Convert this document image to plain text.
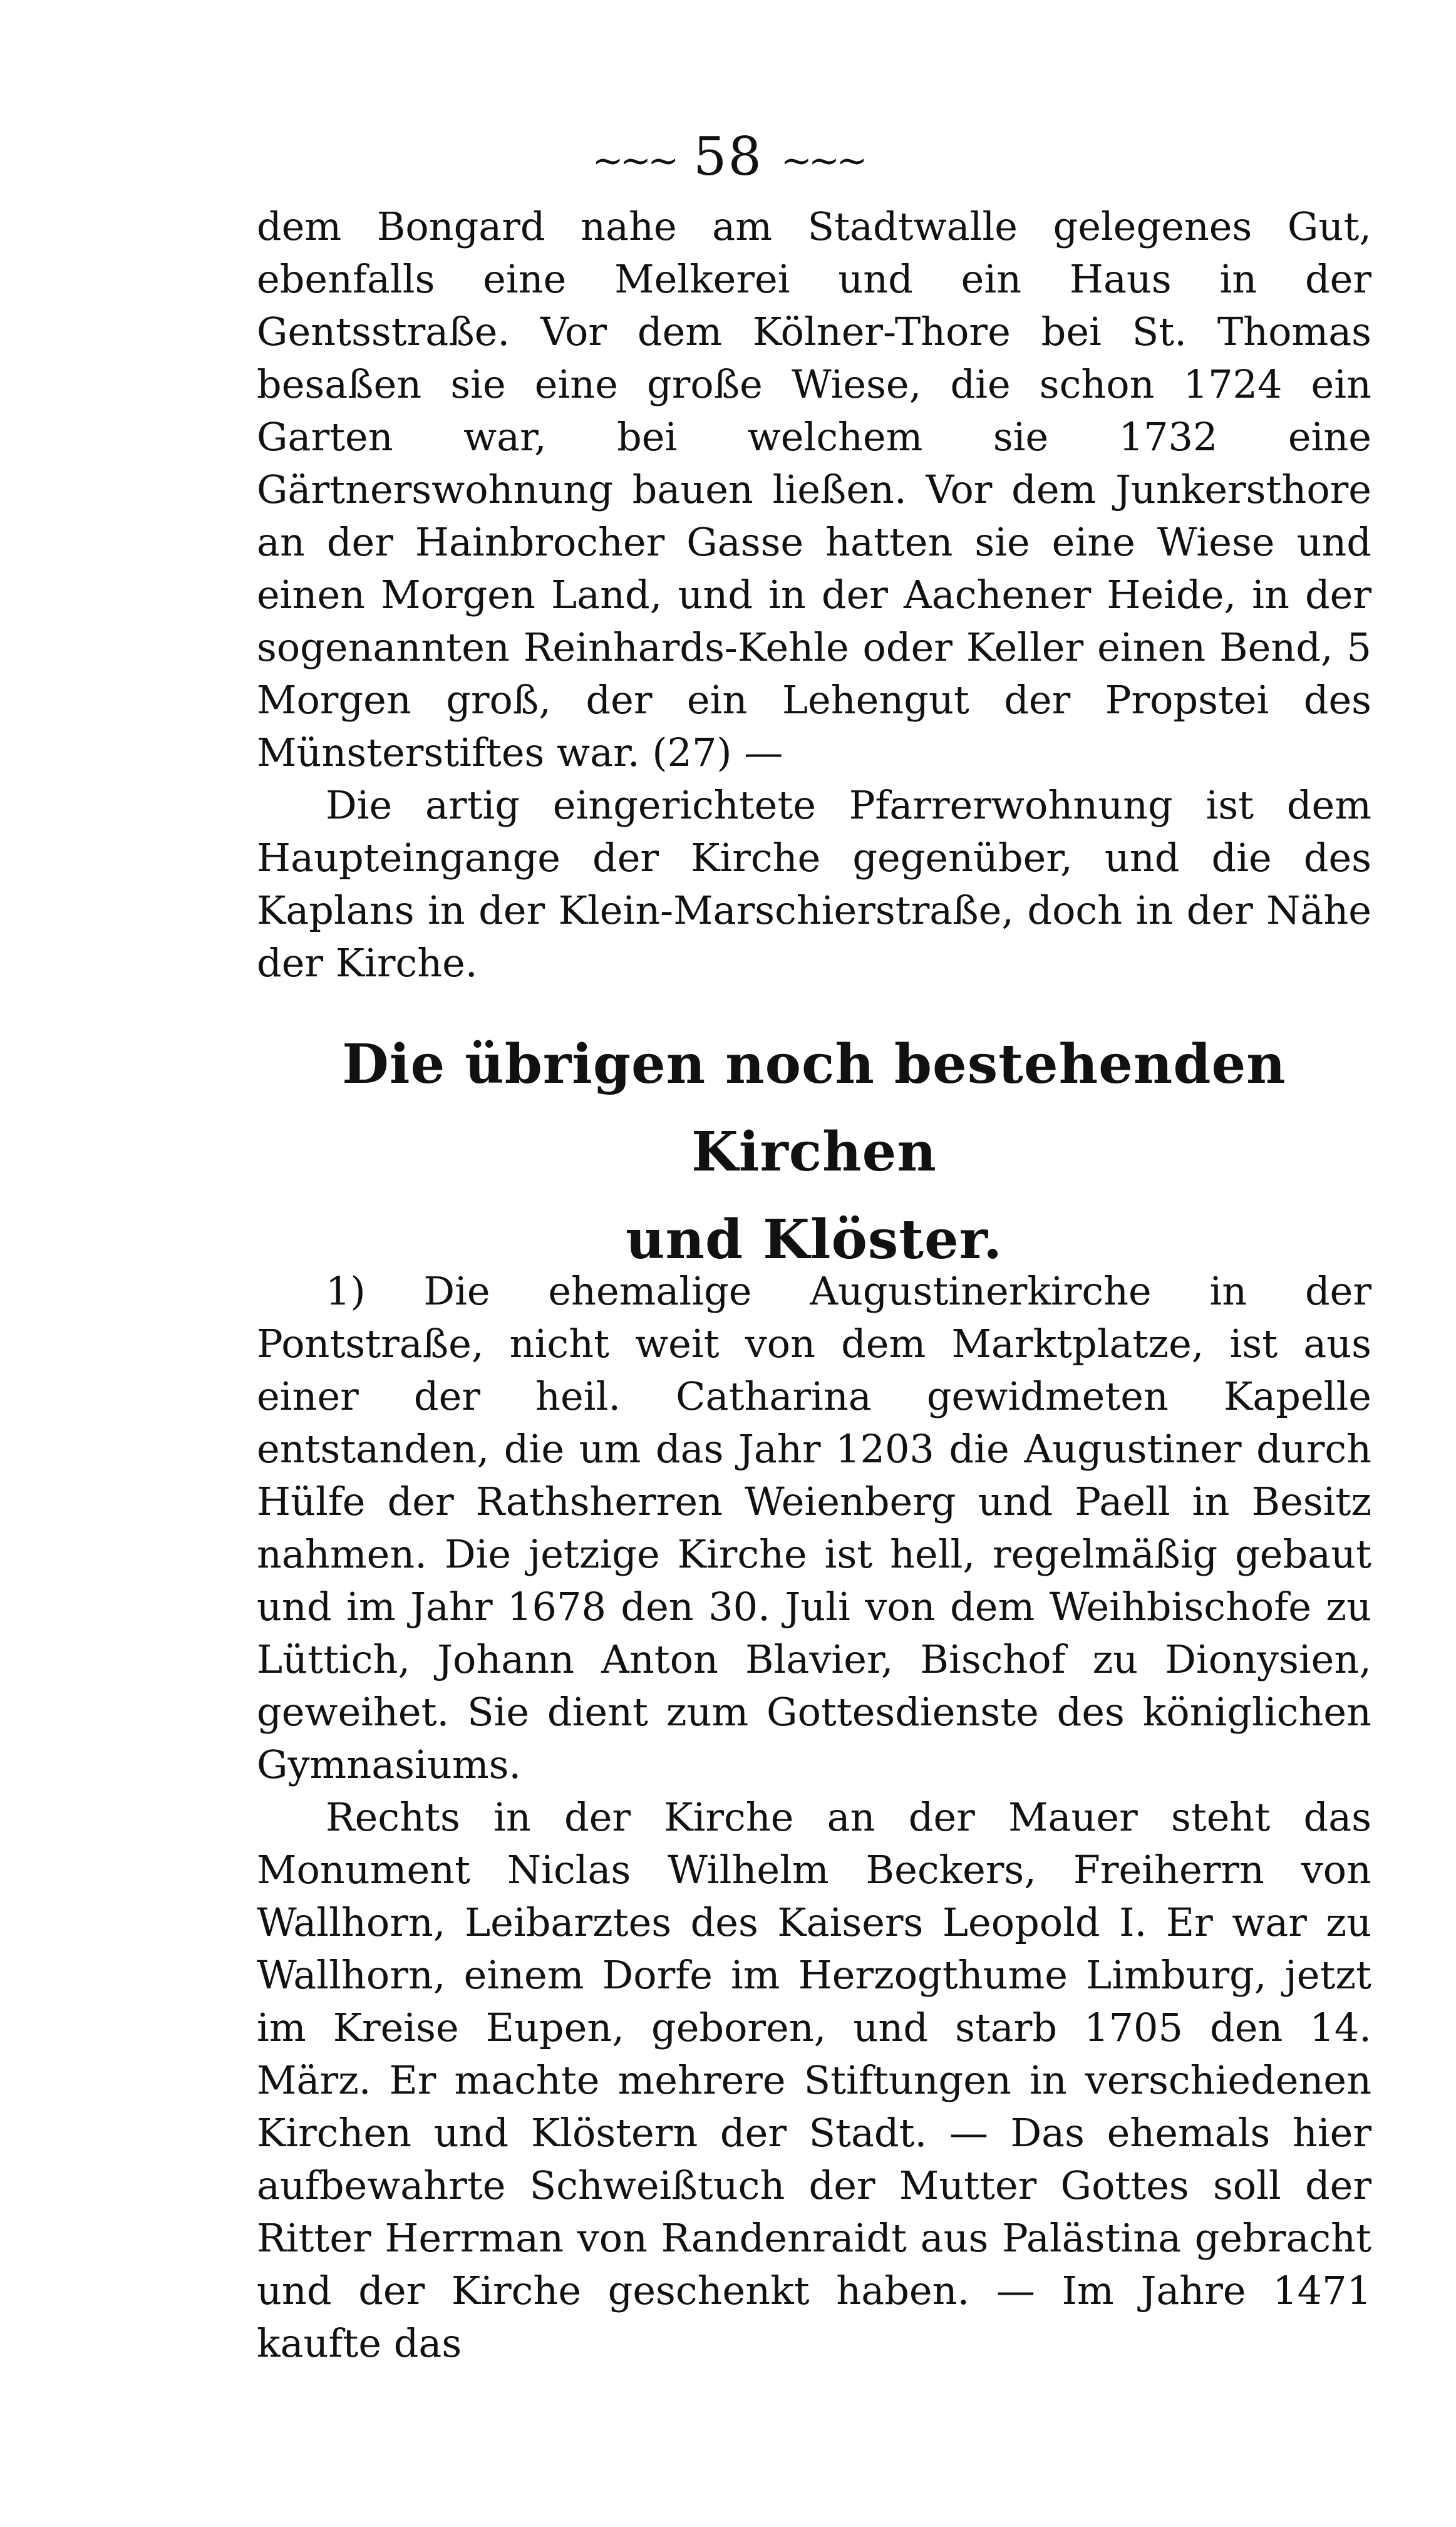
~~~ 58 ~~~

dem Bongard nahe am Stadtwalle gelegenes Gut, ebenfalls eine Melkerei und ein Haus in der Gentsstraße. Vor dem Kölner-Thore bei St. Thomas besaßen sie eine große Wiese, die schon 1724 ein Garten war, bei welchem sie 1732 eine Gärtnerswohnung bauen ließen. Vor dem Junkersthore an der Hainbrocher Gasse hatten sie eine Wiese und einen Morgen Land, und in der Aachener Heide, in der sogenannten Reinhards-Kehle oder Keller einen Bend, 5 Morgen groß, der ein Lehengut der Propstei des Münsterstiftes war. (27) —

Die artig eingerichtete Pfarrerwohnung ist dem Haupteingange der Kirche gegenüber, und die des Kaplans in der Klein-Marschierstraße, doch in der Nähe der Kirche.

Die übrigen noch bestehenden Kirchen
und Klöster.

1) Die ehemalige Augustinerkirche in der Pontstraße, nicht weit von dem Marktplatze, ist aus einer der heil. Catharina gewidmeten Kapelle entstanden, die um das Jahr 1203 die Augustiner durch Hülfe der Rathsherren Weienberg und Paell in Besitz nahmen. Die jetzige Kirche ist hell, regelmäßig gebaut und im Jahr 1678 den 30. Juli von dem Weihbischofe zu Lüttich, Johann Anton Blavier, Bischof zu Dionysien, geweihet. Sie dient zum Gottesdienste des königlichen Gymnasiums.

Rechts in der Kirche an der Mauer steht das Monument Niclas Wilhelm Beckers, Freiherrn von Wallhorn, Leibarztes des Kaisers Leopold I. Er war zu Wallhorn, einem Dorfe im Herzogthume Limburg, jetzt im Kreise Eupen, geboren, und starb 1705 den 14. März. Er machte mehrere Stiftungen in verschiedenen Kirchen und Klöstern der Stadt. — Das ehemals hier aufbewahrte Schweißtuch der Mutter Gottes soll der Ritter Herrman von Randenraidt aus Palästina gebracht und der Kirche geschenkt haben. — Im Jahre 1471 kaufte das
